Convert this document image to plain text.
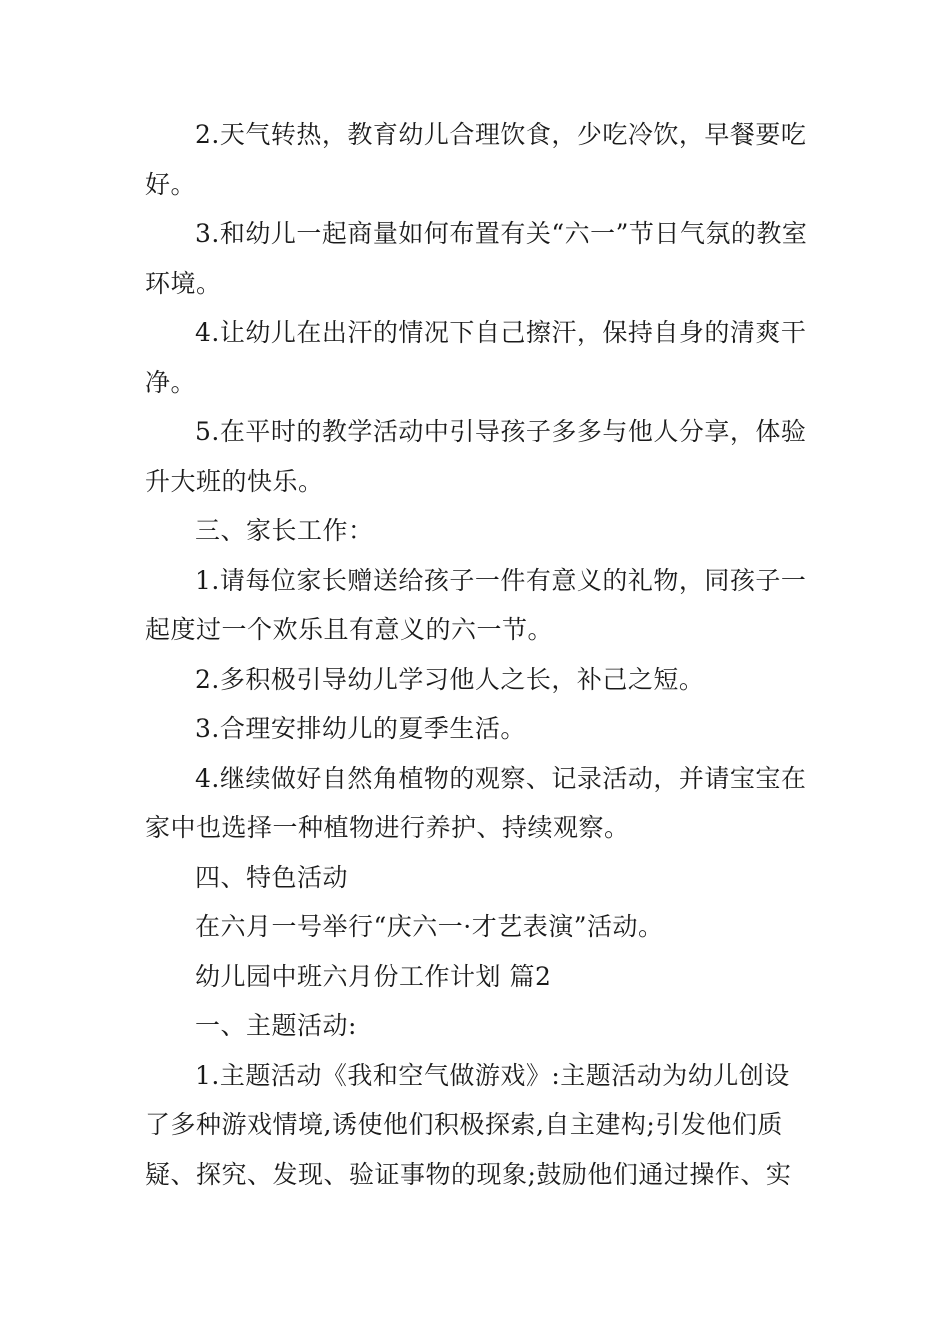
2.天气转热，教育幼儿合理饮食，少吃冷饮，早餐要吃好。

3.和幼儿一起商量如何布置有关“六一”节日气氛的教室环境。

4.让幼儿在出汗的情况下自己擦汗，保持自身的清爽干净。

5.在平时的教学活动中引导孩子多多与他人分享，体验升大班的快乐。

三、家长工作：

1.请每位家长赠送给孩子一件有意义的礼物，同孩子一起度过一个欢乐且有意义的六一节。

2.多积极引导幼儿学习他人之长，补己之短。

3.合理安排幼儿的夏季生活。

4.继续做好自然角植物的观察、记录活动，并请宝宝在家中也选择一种植物进行养护、持续观察。

四、特色活动

在六月一号举行“庆六一·才艺表演”活动。

幼儿园中班六月份工作计划 篇2

一、主题活动:

1.主题活动《我和空气做游戏》:主题活动为幼儿创设了多种游戏情境,诱使他们积极探索,自主建构;引发他们质疑、探究、发现、验证事物的现象;鼓励他们通过操作、实
